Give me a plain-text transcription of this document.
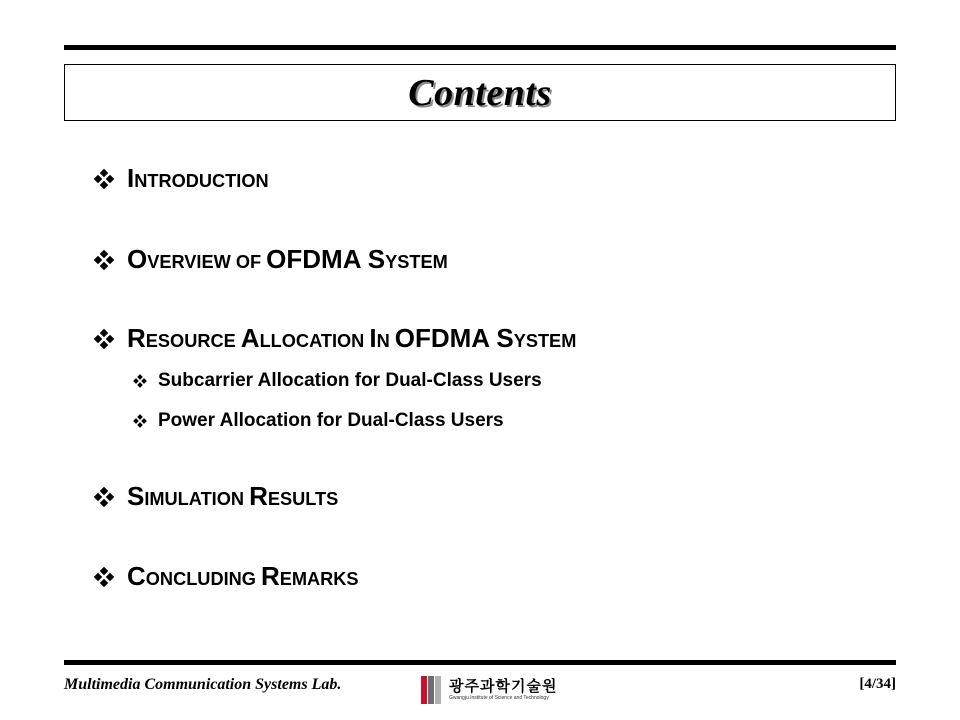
Contents
INTRODUCTION
OVERVIEW OF OFDMA SYSTEM
RESOURCE ALLOCATION IN OFDMA SYSTEM
Subcarrier Allocation for Dual-Class Users
Power Allocation for Dual-Class Users
SIMULATION RESULTS
CONCLUDING REMARKS
Multimedia Communication Systems Lab.	광주과학기술원
Gwangju Institute of Science and Technology
[4/34]
